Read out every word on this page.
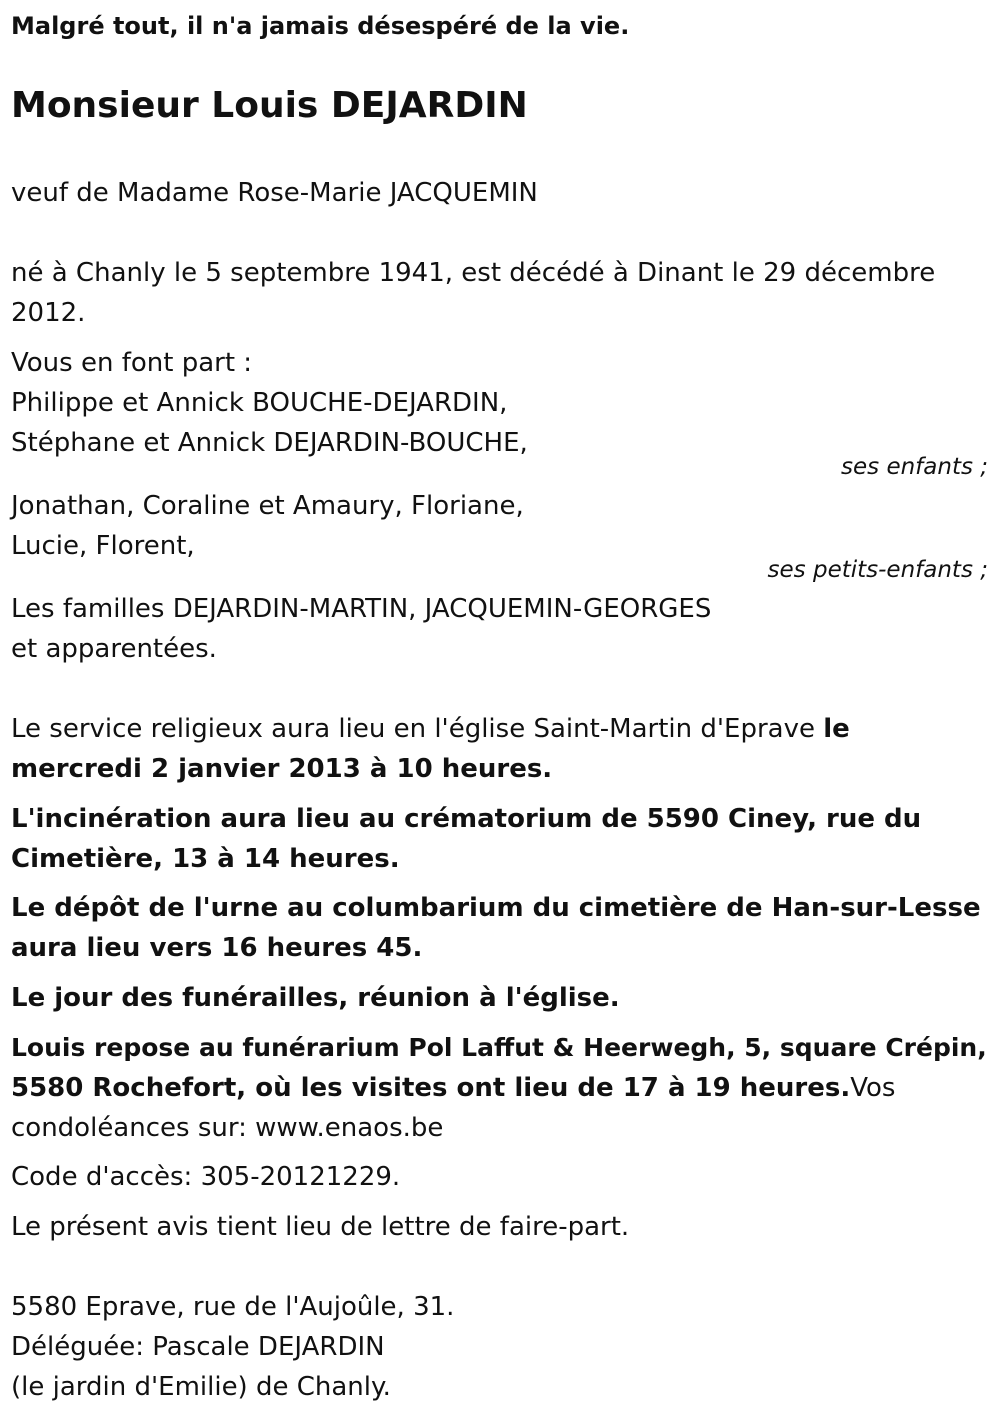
Malgré tout, il n'a jamais désespéré de la vie.
Monsieur Louis DEJARDIN
veuf de Madame Rose-Marie JACQUEMIN
né à Chanly le 5 septembre 1941, est décédé à Dinant le 29 décembre
2012.
Vous en font part :
Philippe et Annick BOUCHE-DEJARDIN,
Stéphane et Annick DEJARDIN-BOUCHE,
ses enfants ;
Jonathan, Coraline et Amaury, Floriane,
Lucie, Florent,
ses petits-enfants ;
Les familles DEJARDIN-MARTIN, JACQUEMIN-GEORGES
et apparentées.
Le service religieux aura lieu en l'église Saint-Martin d'Eprave le
mercredi 2 janvier 2013 à 10 heures.
L'incinération aura lieu au crématorium de 5590 Ciney, rue du
Cimetière, 13 à 14 heures.
Le dépôt de l'urne au columbarium du cimetière de Han-sur-Lesse
aura lieu vers 16 heures 45.
Le jour des funérailles, réunion à l'église.
Louis repose au funérarium Pol Laffut & Heerwegh, 5, square Crépin,
5580 Rochefort, où les visites ont lieu de 17 à 19 heures.Vos
condoléances sur: www.enaos.be
Code d'accès: 305-20121229.
Le présent avis tient lieu de lettre de faire-part.
5580 Eprave, rue de l'Aujoûle, 31.
Déléguée: Pascale DEJARDIN
(le jardin d'Emilie) de Chanly.
